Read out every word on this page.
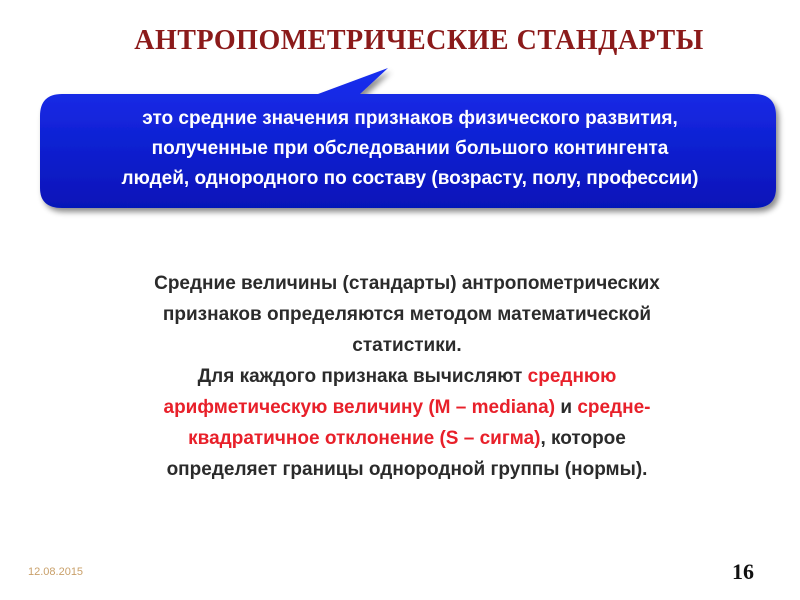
АНТРОПОМЕТРИЧЕСКИЕ СТАНДАРТЫ

это средние значения признаков физического развития,
полученные при обследовании большого контингента
людей, однородного по составу (возрасту, полу, профессии)

Средние величины (стандарты) антропометрических
признаков определяются методом математической
статистики.
Для каждого признака вычисляют среднюю
арифметическую величину (M – mediana) и средне-
квадратичное отклонение (S – сигма), которое
определяет границы однородной группы (нормы).

12.08.2015	16
